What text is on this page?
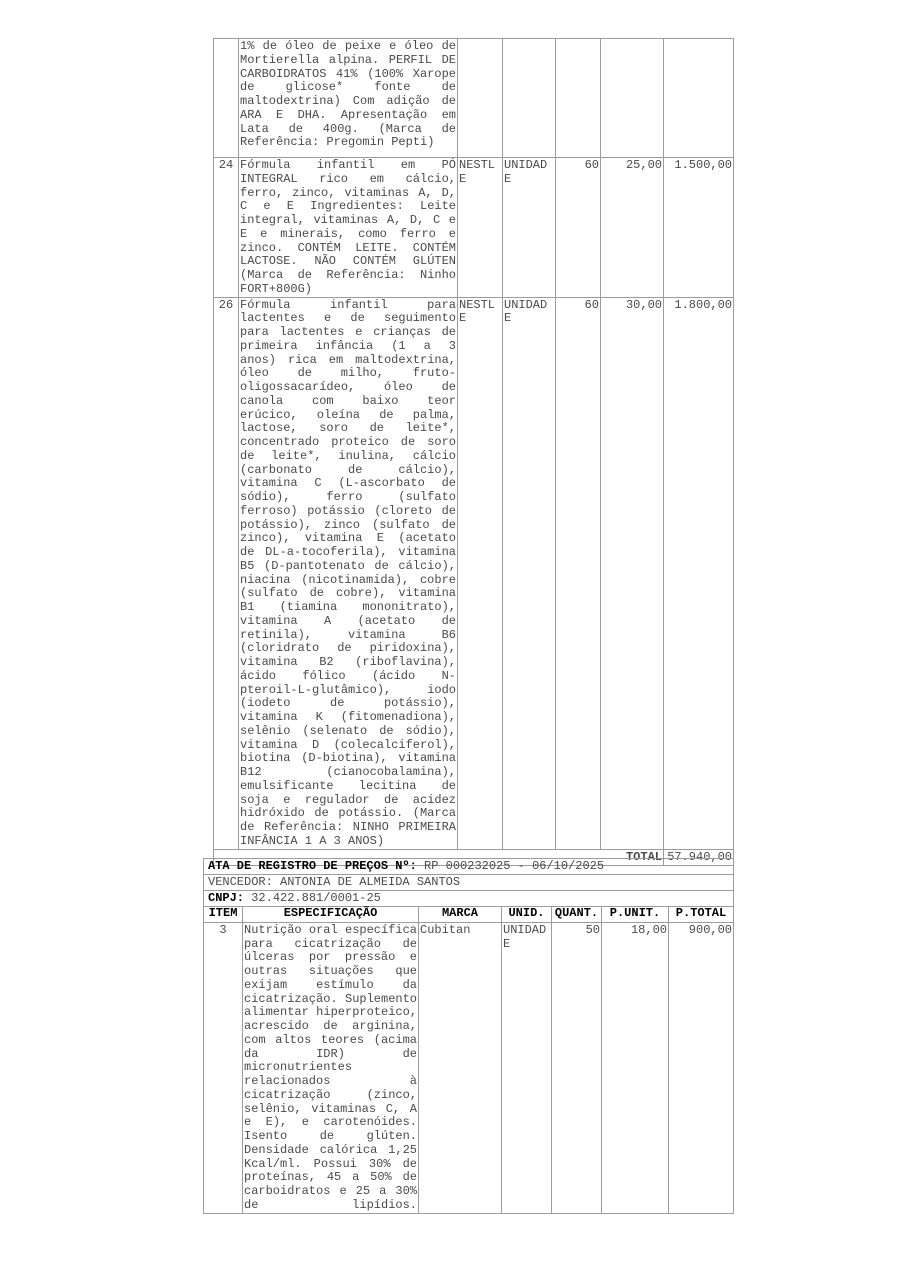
	1% de óleo de peixe e óleo de Mortierella alpina. PERFIL DE CARBOIDRATOS 41% (100% Xarope de glicose* fonte de maltodextrina) Com adição de ARA E DHA. Apresentação em Lata de 400g. (Marca de Referência: Pregomin Pepti)					
24	Fórmula infantil em PÓ INTEGRAL rico em cálcio, ferro, zinco, vitaminas A, D, C e E Ingredientes: Leite integral, vitaminas A, D, C e E e minerais, como ferro e zinco. CONTÉM LEITE. CONTÉM LACTOSE. NÃO CONTÉM GLÚTEN (Marca de Referência: Ninho FORT+800G)	NESTLE	UNIDADE	60	25,00	1.500,00
26	Fórmula infantil para lactentes e de seguimento para lactentes e crianças de primeira infância (1 a 3 anos) rica em maltodextrina, óleo de milho, fruto-oligossacarídeo, óleo de canola com baixo teor erúcico, oleína de palma, lactose, soro de leite*, concentrado proteico de soro de leite*, inulina, cálcio (carbonato de cálcio), vitamina C (L-ascorbato de sódio), ferro (sulfato ferroso) potássio (cloreto de potássio), zinco (sulfato de zinco), vitamina E (acetato de DL-a-tocoferila), vitamina B5 (D-pantotenato de cálcio), niacina (nicotinamida), cobre (sulfato de cobre), vitamina B1 (tiamina mononitrato), vitamina A (acetato de retinila), vitamina B6 (cloridrato de piridoxina), vitamina B2 (riboflavina), ácido fólico (ácido N-pteroil-L-glutâmico), iodo (iodeto de potássio), vitamina K (fitomenadiona), selênio (selenato de sódio), vitamina D (colecalciferol), biotina (D-biotina), vitamina B12 (cianocobalamina), emulsificante lecitina de soja e regulador de acidez hidróxido de potássio. (Marca de Referência: NINHO PRIMEIRA INFÂNCIA 1 A 3 ANOS)	NESTLE	UNIDADE	60	30,00	1.800,00
TOTAL						57.940,00
ATA DE REGISTRO DE PREÇOS Nº: RP 000232025 - 06/10/2025						
VENCEDOR: ANTONIA DE ALMEIDA SANTOS						
CNPJ: 32.422.881/0001-25						
ITEM	ESPECIFICAÇÃO	MARCA	UNID.	QUANT.	P.UNIT.	P.TOTAL
3	Nutrição oral específica para cicatrização de úlceras por pressão e outras situações que exijam estímulo da cicatrização. Suplemento alimentar hiperproteico, acrescido de arginina, com altos teores (acima da IDR) de micronutrientes relacionados à cicatrização (zinco, selênio, vitaminas C, A e E), e carotenóides. Isento de glúten. Densidade calórica 1,25 Kcal/ml. Possui 30% de proteínas, 45 a 50% de carboidratos e 25 a 30% de lipídios.	Cubitan	UNIDADE	50	18,00	900,00
